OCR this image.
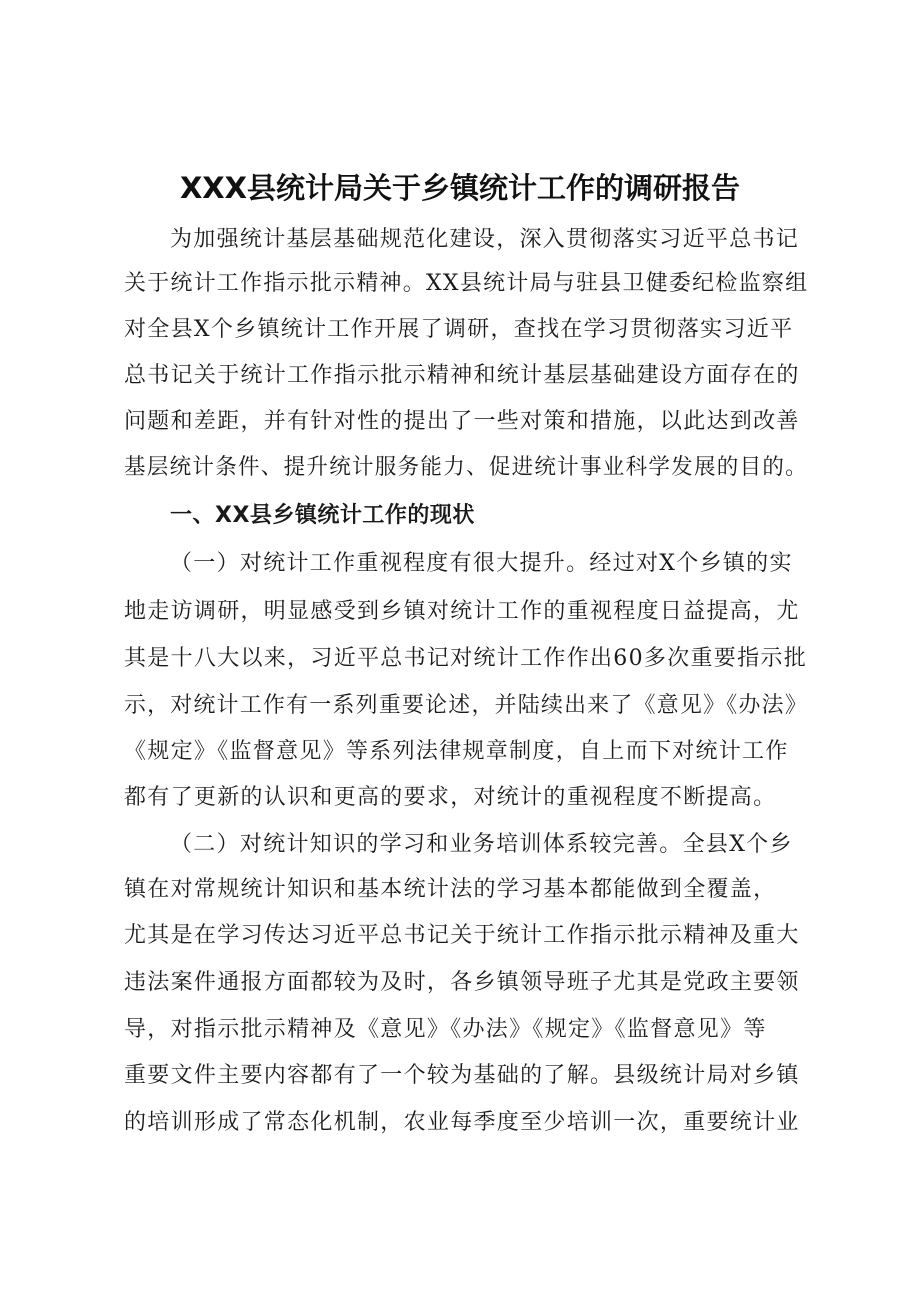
XXX县统计局关于乡镇统计工作的调研报告
为加强统计基层基础规范化建设，深入贯彻落实习近平总书记
关于统计工作指示批示精神。XX县统计局与驻县卫健委纪检监察组
对全县X个乡镇统计工作开展了调研，查找在学习贯彻落实习近平
总书记关于统计工作指示批示精神和统计基层基础建设方面存在的
问题和差距，并有针对性的提出了一些对策和措施，以此达到改善
基层统计条件、提升统计服务能力、促进统计事业科学发展的目的。
一、XX县乡镇统计工作的现状
（一）对统计工作重视程度有很大提升。经过对X个乡镇的实
地走访调研，明显感受到乡镇对统计工作的重视程度日益提高，尤
其是十八大以来，习近平总书记对统计工作作出60多次重要指示批
示，对统计工作有一系列重要论述，并陆续出来了《意见》《办法》
《规定》《监督意见》等系列法律规章制度，自上而下对统计工作
都有了更新的认识和更高的要求，对统计的重视程度不断提高。
（二）对统计知识的学习和业务培训体系较完善。全县X个乡
镇在对常规统计知识和基本统计法的学习基本都能做到全覆盖，
尤其是在学习传达习近平总书记关于统计工作指示批示精神及重大
违法案件通报方面都较为及时，各乡镇领导班子尤其是党政主要领
导，对指示批示精神及《意见》《办法》《规定》《监督意见》等
重要文件主要内容都有了一个较为基础的了解。县级统计局对乡镇
的培训形成了常态化机制，农业每季度至少培训一次，重要统计业
